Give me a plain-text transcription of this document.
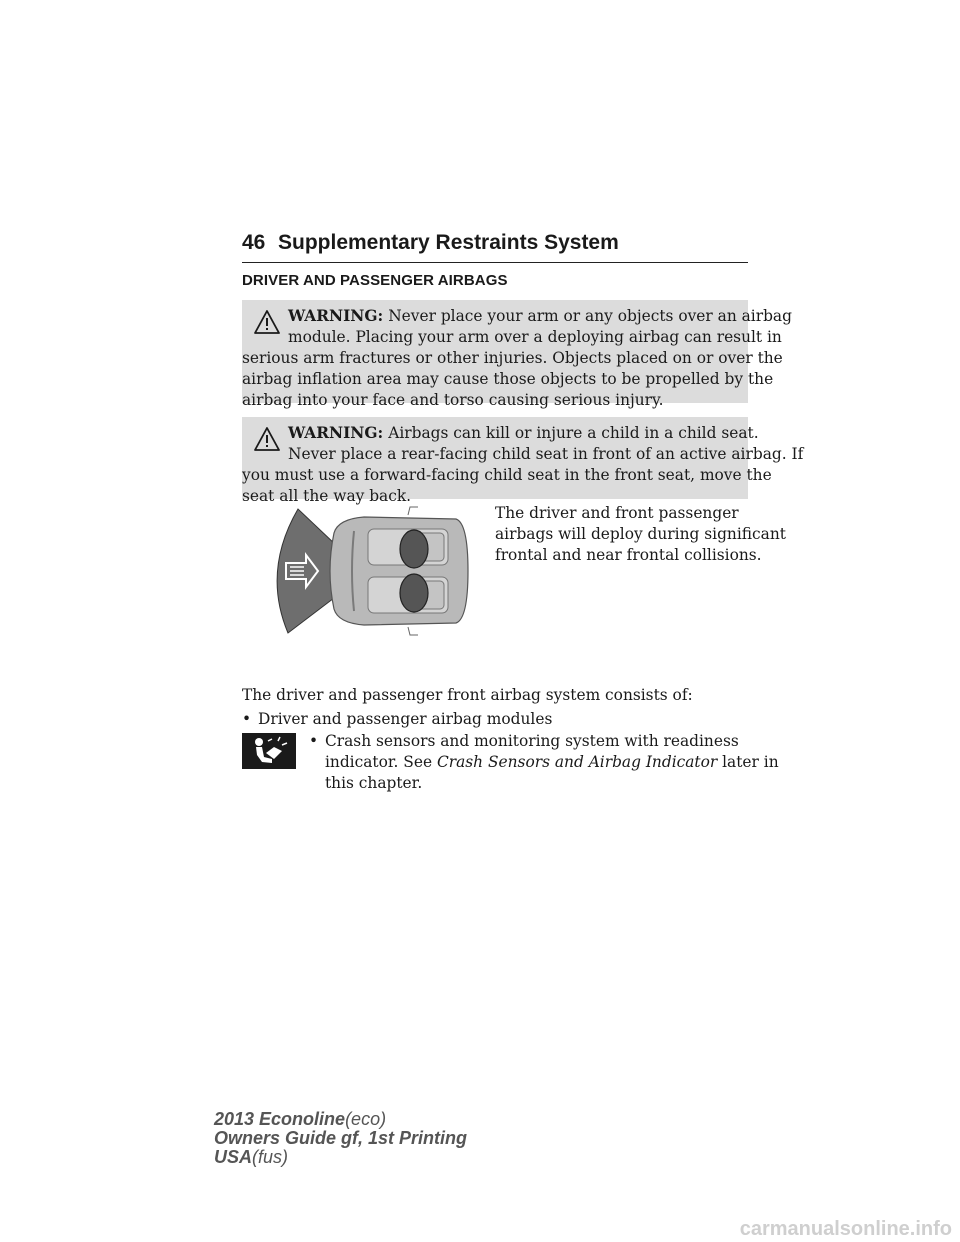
46 Supplementary Restraints System
DRIVER AND PASSENGER AIRBAGS
WARNING: Never place your arm or any objects over an airbag
module. Placing your arm over a deploying airbag can result in
serious arm fractures or other injuries. Objects placed on or over the
airbag inflation area may cause those objects to be propelled by the
airbag into your face and torso causing serious injury.
WARNING: Airbags can kill or injure a child in a child seat.
Never place a rear-facing child seat in front of an active airbag. If
you must use a forward-facing child seat in the front seat, move the
seat all the way back.
The driver and front passenger
airbags will deploy during significant
frontal and near frontal collisions.
The driver and passenger front airbag system consists of:
• Driver and passenger airbag modules
• Crash sensors and monitoring system with readiness
indicator. See Crash Sensors and Airbag Indicator later in
this chapter.
2013 Econoline(eco)
Owners Guide gf, 1st Printing
USA(fus)
carmanualsonline.info
